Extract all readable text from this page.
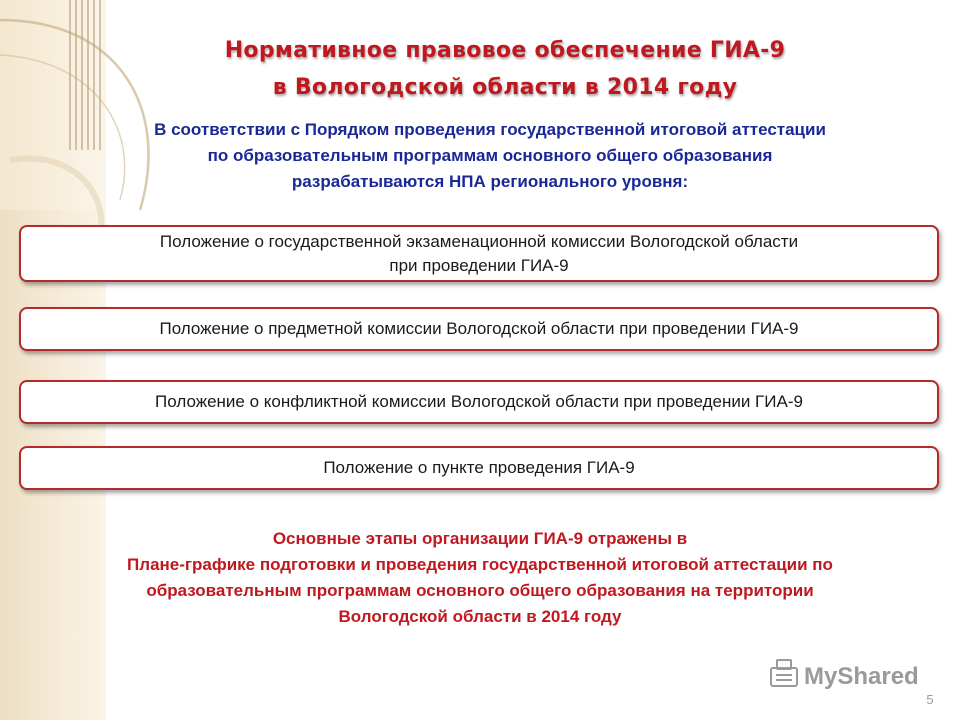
Нормативное правовое обеспечение ГИА-9
в Вологодской области в 2014 году
В соответствии с Порядком проведения государственной итоговой аттестации
по образовательным программам основного общего образования
разрабатываются НПА регионального уровня:
Положение о государственной экзаменационной комиссии Вологодской области
при проведении ГИА-9
Положение о предметной комиссии Вологодской области при проведении ГИА-9
Положение о конфликтной комиссии Вологодской области при проведении ГИА-9
Положение о пункте проведения ГИА-9
Основные этапы организации ГИА-9 отражены в
Плане-графике подготовки и проведения государственной итоговой аттестации по
образовательным программам основного общего образования на территории
Вологодской области в 2014 году
MyShared
5
